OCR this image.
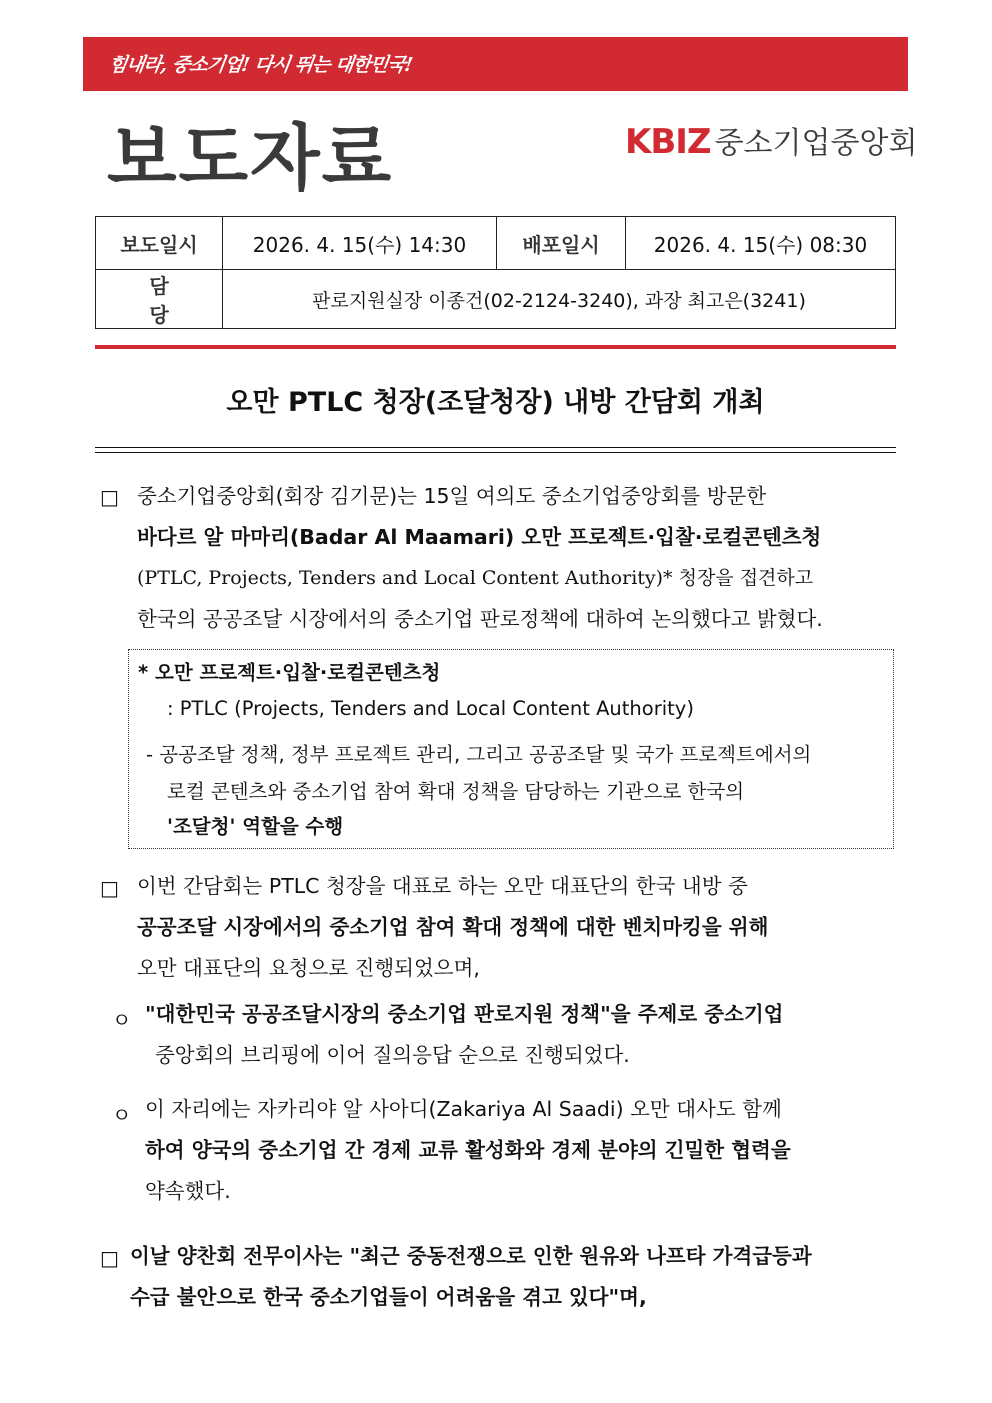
힘내라, 중소기업! 다시 뛰는 대한민국!
보도자료	KBIZ 중소기업중앙회
보도일시	2026. 4. 15(수) 14:30	배포일시	2026. 4. 15(수) 08:30
담당	판로지원실장 이종건(02-2124-3240), 과장 최고은(3241)		
오만 PTLC 청장(조달청장) 내방 간담회 개최
□ 중소기업중앙회(회장 김기문)는 15일 여의도 중소기업중앙회를 방문한
바다르 알 마마리(Badar Al Maamari) 오만 프로젝트·입찰·로컬콘텐츠청
(PTLC, Projects, Tenders and Local Content Authority)* 청장을 접견하고
한국의 공공조달 시장에서의 중소기업 판로정책에 대하여 논의했다고 밝혔다.
* 오만 프로젝트·입찰·로컬콘텐츠청
: PTLC (Projects, Tenders and Local Content Authority)
- 공공조달 정책, 정부 프로젝트 관리, 그리고 공공조달 및 국가 프로젝트에서의
로컬 콘텐츠와 중소기업 참여 확대 정책을 담당하는 기관으로 한국의
'조달청' 역할을 수행
□ 이번 간담회는 PTLC 청장을 대표로 하는 오만 대표단의 한국 내방 중
공공조달 시장에서의 중소기업 참여 확대 정책에 대한 벤치마킹을 위해
오만 대표단의 요청으로 진행되었으며,
ㅇ "대한민국 공공조달시장의 중소기업 판로지원 정책"을 주제로 중소기업
중앙회의 브리핑에 이어 질의응답 순으로 진행되었다.
ㅇ 이 자리에는 자카리야 알 사아디(Zakariya Al Saadi) 오만 대사도 함께
하여 양국의 중소기업 간 경제 교류 활성화와 경제 분야의 긴밀한 협력을
약속했다.
□ 이날 양찬회 전무이사는 "최근 중동전쟁으로 인한 원유와 나프타 가격급등과
수급 불안으로 한국 중소기업들이 어려움을 겪고 있다"며,
